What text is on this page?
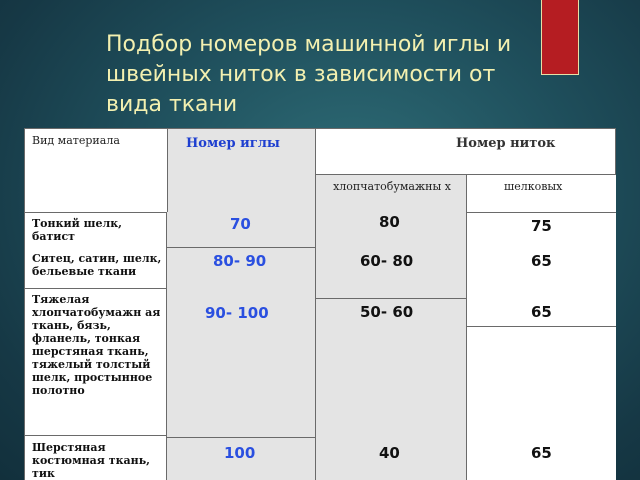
Подбор номеров машинной иглы и швейных ниток в зависимости от вида ткани
Вид материала	Номер иглы	Номер ниток
хлопчатобумажны х	шелковых
Тонкий шелк, батист
70	80	75
Ситец, сатин, шелк, бельевые ткани
80- 90	60- 80	65
Тяжелая хлопчатобумажн ая ткань, бязь, фланель, тонкая шерстяная ткань, тяжелый толстый шелк, простынное полотно
90- 100	50- 60	65
Шерстяная костюмная ткань, тик
100	40	65
